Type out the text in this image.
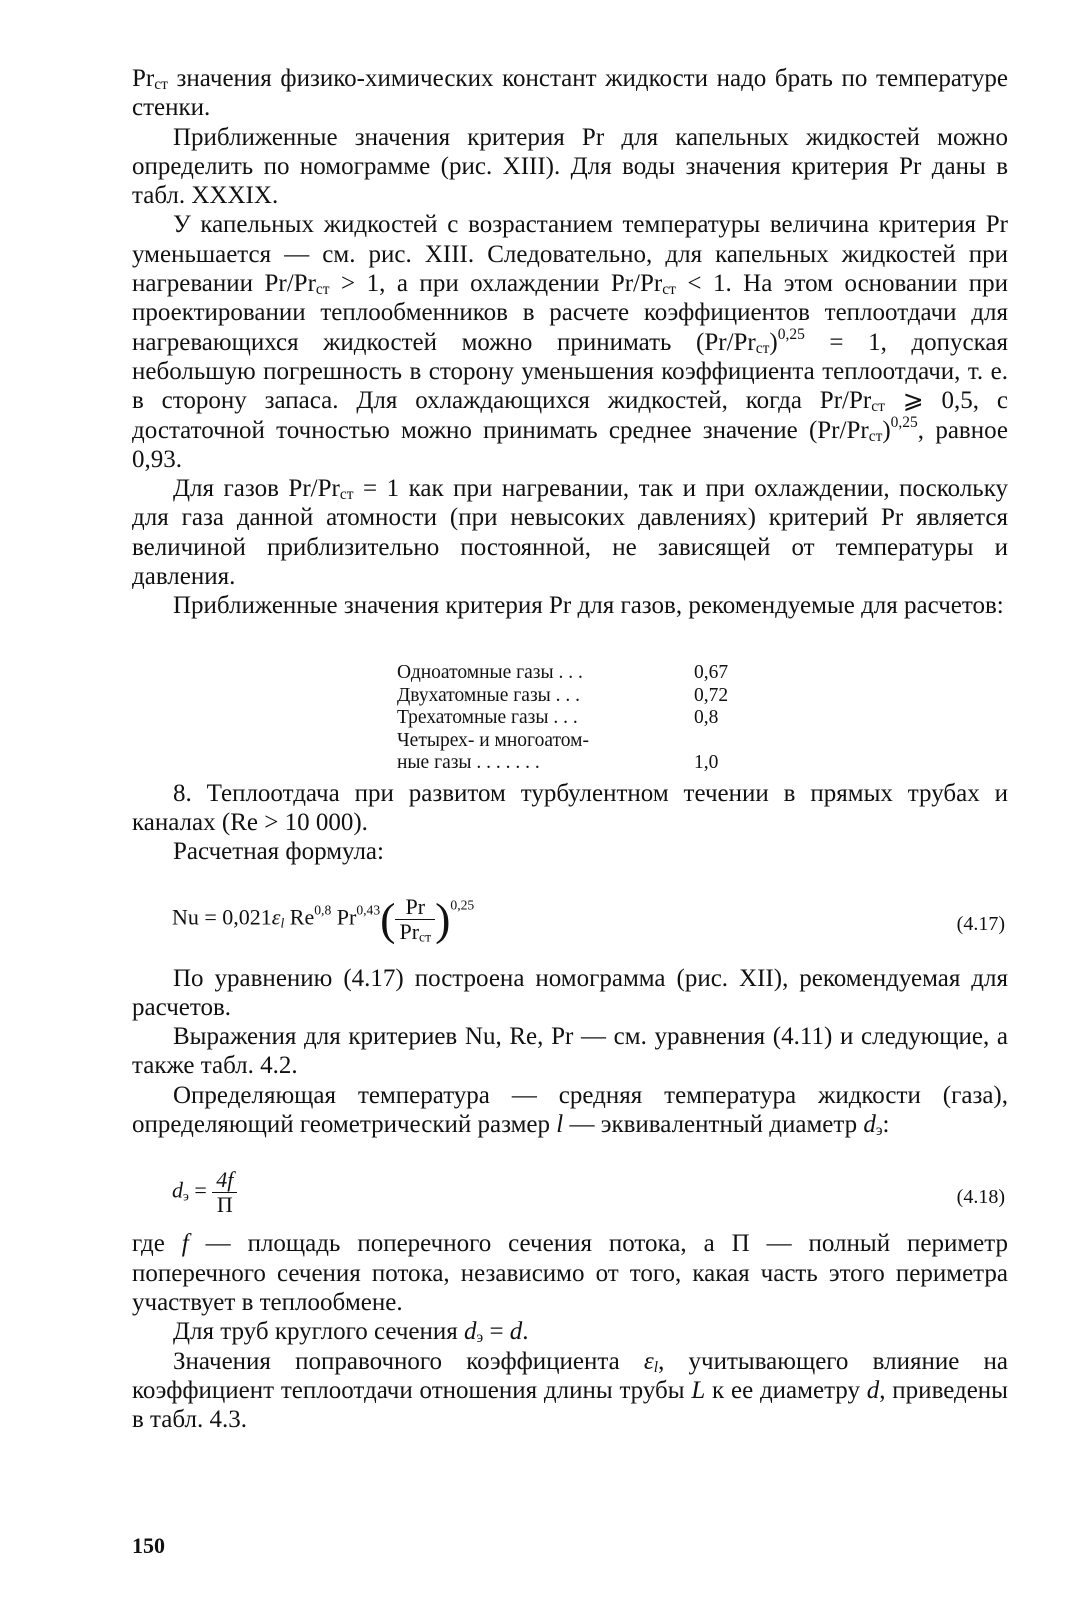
$Pr_{ст}$ значения физико-химических констант жидкости надо брать по температуре стенки.

Приближенные значения критерия Pr для капельных жидкостей можно определить по номограмме (рис. XIII). Для воды значения критерия Pr даны в табл. XXXIX.

У капельных жидкостей с возрастанием температуры величина критерия Pr уменьшается — см. рис. XIII. Следовательно, для капельных жидкостей при нагревании $Pr/Pr_{ст} > 1$, а при охлаждении $Pr/Pr_{ст} < 1$. На этом основании при проектировании теплообменников в расчете коэффициентов теплоотдачи для нагревающихся жидкостей можно принимать $(Pr/Pr_{ст})^{0,25} = 1$, допуская небольшую погрешность в сторону уменьшения коэффициента теплоотдачи, т. е. в сторону запаса. Для охлаждающихся жидкостей, когда $Pr/Pr_{ст}$ ⩾ 0,5, с достаточной точностью можно принимать среднее значение $(Pr/Pr_{ст})^{0,25}$, равное 0,93.

Для газов $Pr/Pr_{ст} = 1$ как при нагревании, так и при охлаждении, поскольку для газа данной атомности (при невысоких давлениях) критерий Pr является величиной приблизительно постоянной, не зависящей от температуры и давления.

Приближенные значения критерия Pr для газов, рекомендуемые для расчетов:

8. Теплоотдача при развитом турбулентном течении в прямых трубах и каналах (Re > 10 000).

Расчетная формула:

По уравнению (4.17) построена номограмма (рис. XII), рекомендуемая для расчетов.

Выражения для критериев Nu, Re, Pr — см. уравнения (4.11) и следующие, а также табл. 4.2.

Определяющая температура — средняя температура жидкости (газа), определяющий геометрический размер l — эквивалентный диаметр $d_э$:

где f — площадь поперечного сечения потока, а П — полный периметр поперечного сечения потока, независимо от того, какая часть этого периметра участвует в теплообмене.

Для труб круглого сечения $d_э = d$.

Значения поправочного коэффициента $\varepsilon_l$, учитывающего влияние на коэффициент теплоотдачи отношения длины трубы L к ее диаметру d, приведены в табл. 4.3.

Одноатомные газы . . .	0,67
Двухатомные газы . . .	0,72
Трехатомные газы . . .	0,8
Четырех- и многоатом-	
ные газы . . . . . . .	1,0
$Nu = 0,021\varepsilon_l$ Re$^{0,8}$ $Pr^{0,43}( \frac{Pr}{Pr_{ст}} )^{0,25}$
(4.17)
$d_э = \frac{4f}{П}$	(4.18)
150
